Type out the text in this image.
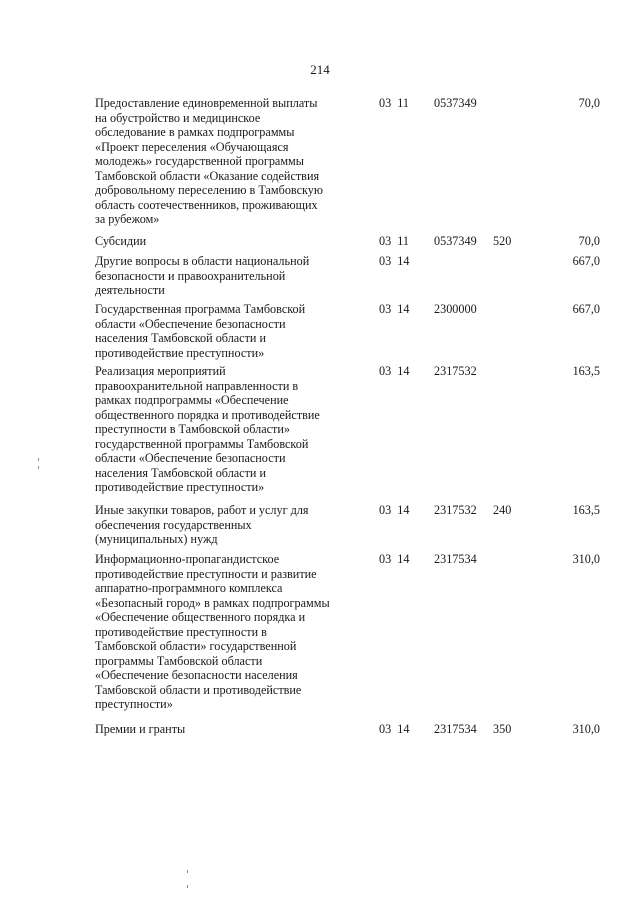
214
Предоставление единовременной выплаты
на обустройство и медицинское
обследование в рамках подпрограммы
«Проект переселения «Обучающаяся
молодежь» государственной программы
Тамбовской области «Оказание содействия
добровольному переселению в Тамбовскую
область соотечественников, проживающих
за рубежом»
03  11 0537349	70,0
Субсидии	03  11 0537349 520	70,0
Другие вопросы в области национальной
безопасности и правоохранительной
деятельности
03  14	667,0
Государственная программа Тамбовской
области «Обеспечение безопасности
населения Тамбовской области и
противодействие преступности»
03  14 2300000	667,0
Реализация мероприятий
правоохранительной направленности в
рамках подпрограммы «Обеспечение
общественного порядка и противодействие
преступности в Тамбовской области»
государственной программы Тамбовской
области «Обеспечение безопасности
населения Тамбовской области и
противодействие преступности»
03  14 2317532	163,5
Иные закупки товаров, работ и услуг для
обеспечения государственных
(муниципальных) нужд
03  14 2317532 240	163,5
Информационно-пропагандистское
противодействие преступности и развитие
аппаратно-программного комплекса
«Безопасный город» в рамках подпрограммы
«Обеспечение общественного порядка и
противодействие преступности в
Тамбовской области» государственной
программы Тамбовской области
«Обеспечение безопасности населения
Тамбовской области и противодействие
преступности»
03  14 2317534	310,0
Премии и гранты	03  14 2317534 350	310,0
